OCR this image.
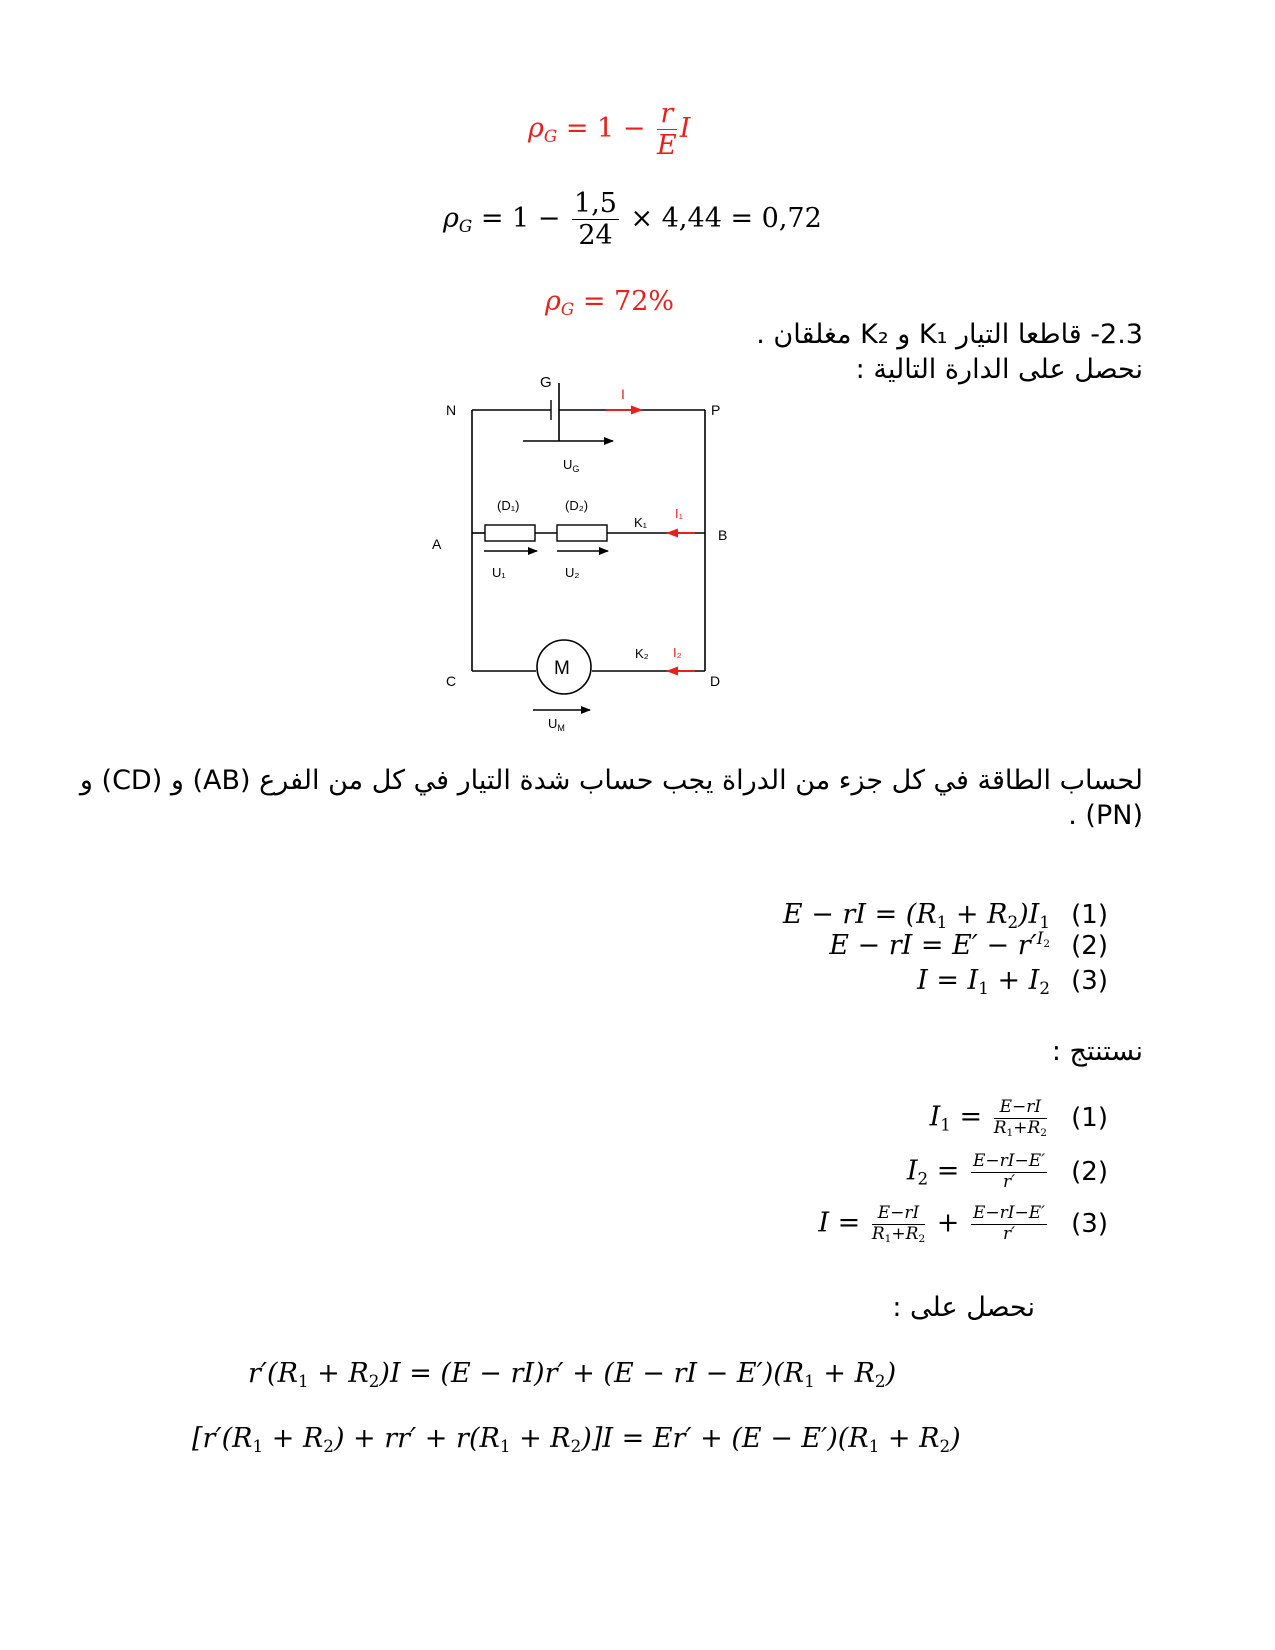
$\rho_G = 1 - \frac{r}{E}$ I
$\rho_G = 1 - \frac{1,5}{24} \times 4,44 = 0,72$
$\rho_G = 72\%$
2.3- قاطعا التيار K₁ و K₂ مغلقان .
نحصل على الدارة التالية :
G
$U_G$
I
N	P
A
B
C	D
(D₁)	(D₂)
U₁	U₂
K₁
I₁
M
$U_M$
K₂ I₂
لحساب الطاقة في كل جزء من الدراة يجب حساب شدة التيار في كل من الفرع (AB) و (CD) و
(PN) .
E − rI = $(R_1 + R_2)I_1$ (1)
E − rI = $E' - r'^{I_2}$ (2)
$I = I_1 + I_2$ (3)
نستنتج :
$I_1 = \frac{E-rI}{R_1+R_2} (1)$
$I_2 = \frac{E-rI-E'}{r'} (2)$
$I = \frac{E-rI}{R_1+R_2} + \frac{E-rI-E'}{r'} (3)$
نحصل على :
$r'(R_1 + R_2)I = (E - rI)r' + (E$ − rI − $E')(R_1 + R_2)$
$[r'(R_1 + R_2) + rr' + r(R_1 + R_2)]I = Er' + (E - E')(R_1 + R_2)$
